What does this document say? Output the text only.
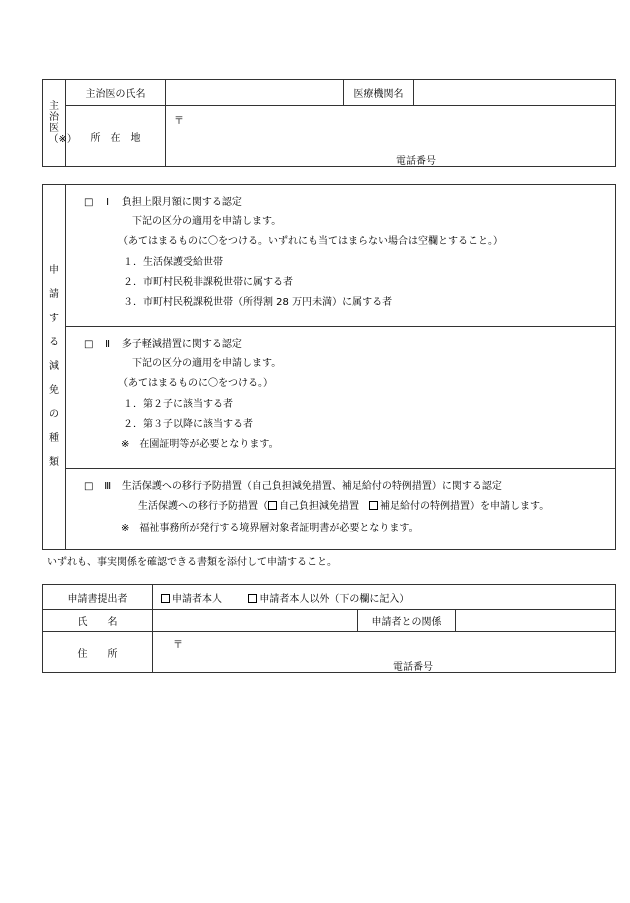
主治医（※）	主治医の氏名		医療機関名	
	所　在　地	〒
電話番号		
申請する減免の種類

□ Ⅰ 負担上限月額に関する認定
下記の区分の適用を申請します。
（あてはまるものに〇をつける。いずれにも当てはまらない場合は空欄とすること。）
１．生活保護受給世帯
２．市町村民税非課税世帯に属する者
３．市町村民税課税世帯（所得割 28 万円未満）に属する者

□ Ⅱ 多子軽減措置に関する認定
下記の区分の適用を申請します。
（あてはまるものに〇をつける。）
１．第２子に該当する者
２．第３子以降に該当する者
※　在園証明等が必要となります。

□ Ⅲ 生活保護への移行予防措置（自己負担減免措置、補足給付の特例措置）に関する認定
生活保護への移行予防措置（ 自己負担減免措置　 補足給付の特例措置）を申請します。
※　福祉事務所が発行する境界層対象者証明書が必要となります。
いずれも、事実関係を確認できる書類を添付して申請すること。
申請書提出者	申請者本人 申請者本人以外（下の欄に記入）		
氏　　名		申請者との関係	
住　　所	〒
電話番号		
